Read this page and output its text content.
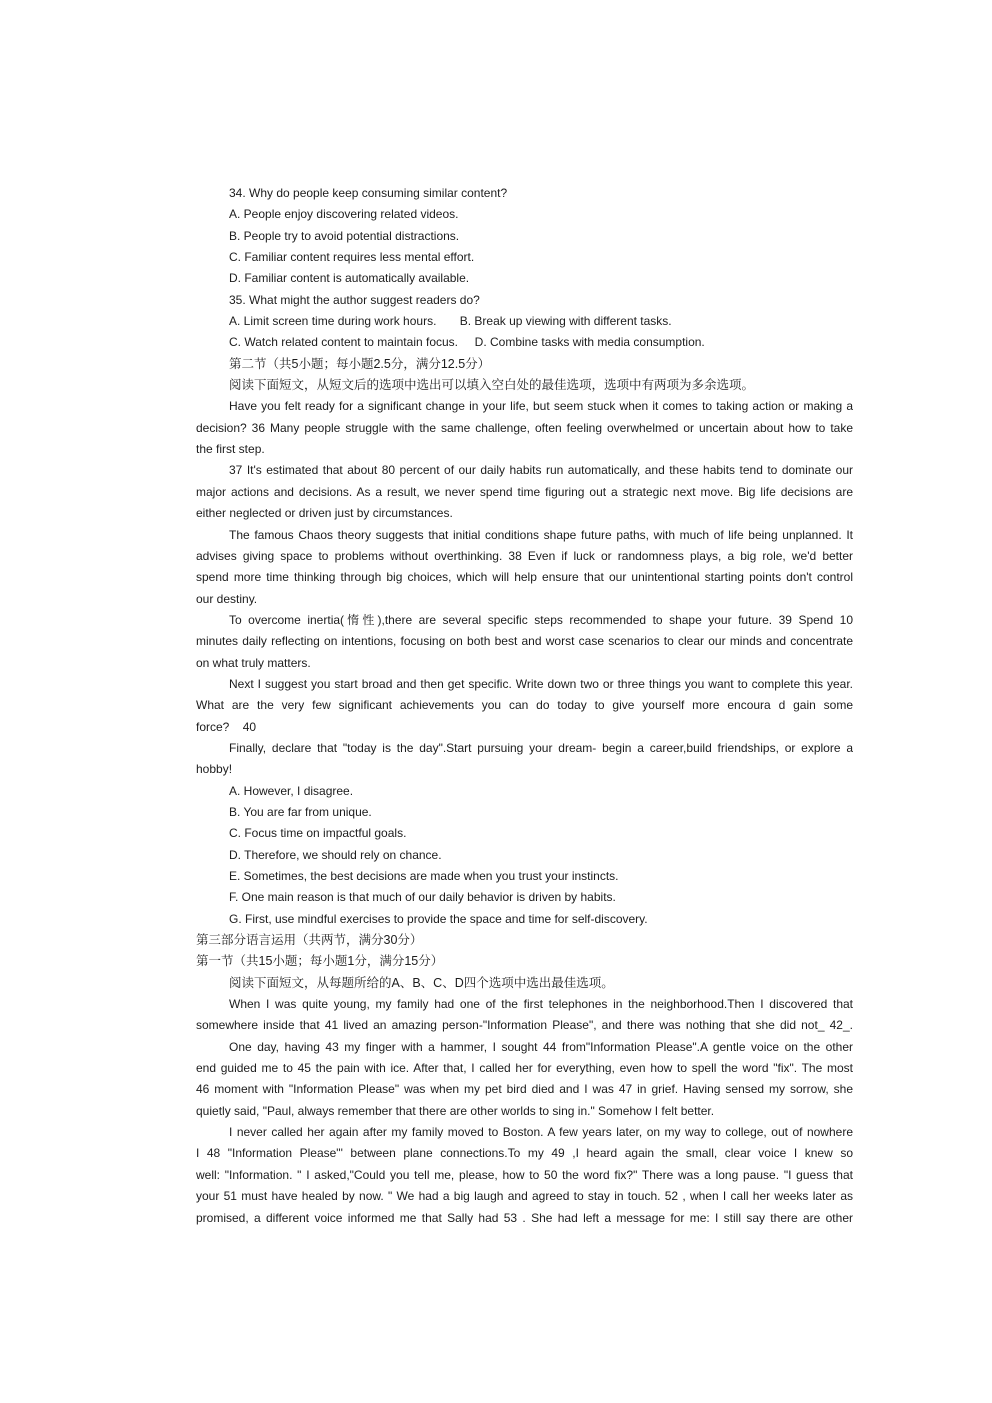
34. Why do people keep consuming similar content?
A. People enjoy discovering related videos.
B. People try to avoid potential distractions.
C. Familiar content requires less mental effort.
D. Familiar content is automatically available.
35. What might the author suggest readers do?
A. Limit screen time during work hours.       B. Break up viewing with different tasks.
C. Watch related content to maintain focus.     D. Combine tasks with media consumption.
第二节（共5小题；每小题2.5分，满分12.5分）
阅读下面短文，从短文后的选项中选出可以填入空白处的最佳选项，选项中有两项为多余选项。
Have you felt ready for a significant change in your life, but seem stuck when it comes to taking action or making a
decision? 36 Many people struggle with the same challenge, often feeling overwhelmed or uncertain about how to take
the first step.
37 It's estimated that about 80 percent of our daily habits run automatically, and these habits tend to dominate our
major actions and decisions. As a result, we never spend time figuring out a strategic next move. Big life decisions are
either neglected or driven just by circumstances.
The famous Chaos theory suggests that initial conditions shape future paths, with much of life being unplanned. It
advises giving space to problems without overthinking. 38 Even if luck or randomness plays, a big role, we'd better
spend more time thinking through big choices, which will help ensure that our unintentional starting points don't control
our destiny.
To overcome inertia(惰性),there are several specific steps recommended to shape your future. 39 Spend 10
minutes daily reflecting on intentions, focusing on both best and worst case scenarios to clear our minds and concentrate
on what truly matters.
Next I suggest you start broad and then get specific. Write down two or three things you want to complete this year.
What are the very few significant achievements you can do today to give yourself more encoura d gain some
force?    40
Finally, declare that "today is the day".Start pursuing your dream- begin a career,build friendships, or explore a
hobby!
A. However, I disagree.
B. You are far from unique.
C. Focus time on impactful goals.
D. Therefore, we should rely on chance.
E. Sometimes, the best decisions are made when you trust your instincts.
F. One main reason is that much of our daily behavior is driven by habits.
G. First, use mindful exercises to provide the space and time for self-discovery.
第三部分语言运用（共两节，满分30分）
第一节（共15小题；每小题1分，满分15分）
阅读下面短文，从每题所给的A、B、C、D四个选项中选出最佳选项。
When I was quite young, my family had one of the first telephones in the neighborhood.Then I discovered that
somewhere inside that 41 lived an amazing person-"Information Please", and there was nothing that she did not_ 42_.
One day, having 43 my finger with a hammer, I sought 44 from"Information Please".A gentle voice on the other
end guided me to 45 the pain with ice. After that, I called her for everything, even how to spell the word "fix". The most
46 moment with "Information Please" was when my pet bird died and I was 47 in grief. Having sensed my sorrow, she
quietly said, "Paul, always remember that there are other worlds to sing in." Somehow I felt better.
I never called her again after my family moved to Boston. A few years later, on my way to college, out of nowhere
I 48 "Information Please"' between plane connections.To my 49 ,I heard again the small, clear voice I knew so
well: "Information. " I asked,"Could you tell me, please, how to 50 the word fix?" There was a long pause. "I guess that
your 51 must have healed by now. " We had a big laugh and agreed to stay in touch. 52 , when I call her weeks later as
promised, a different voice informed me that Sally had 53 . She had left a message for me: I still say there are other
